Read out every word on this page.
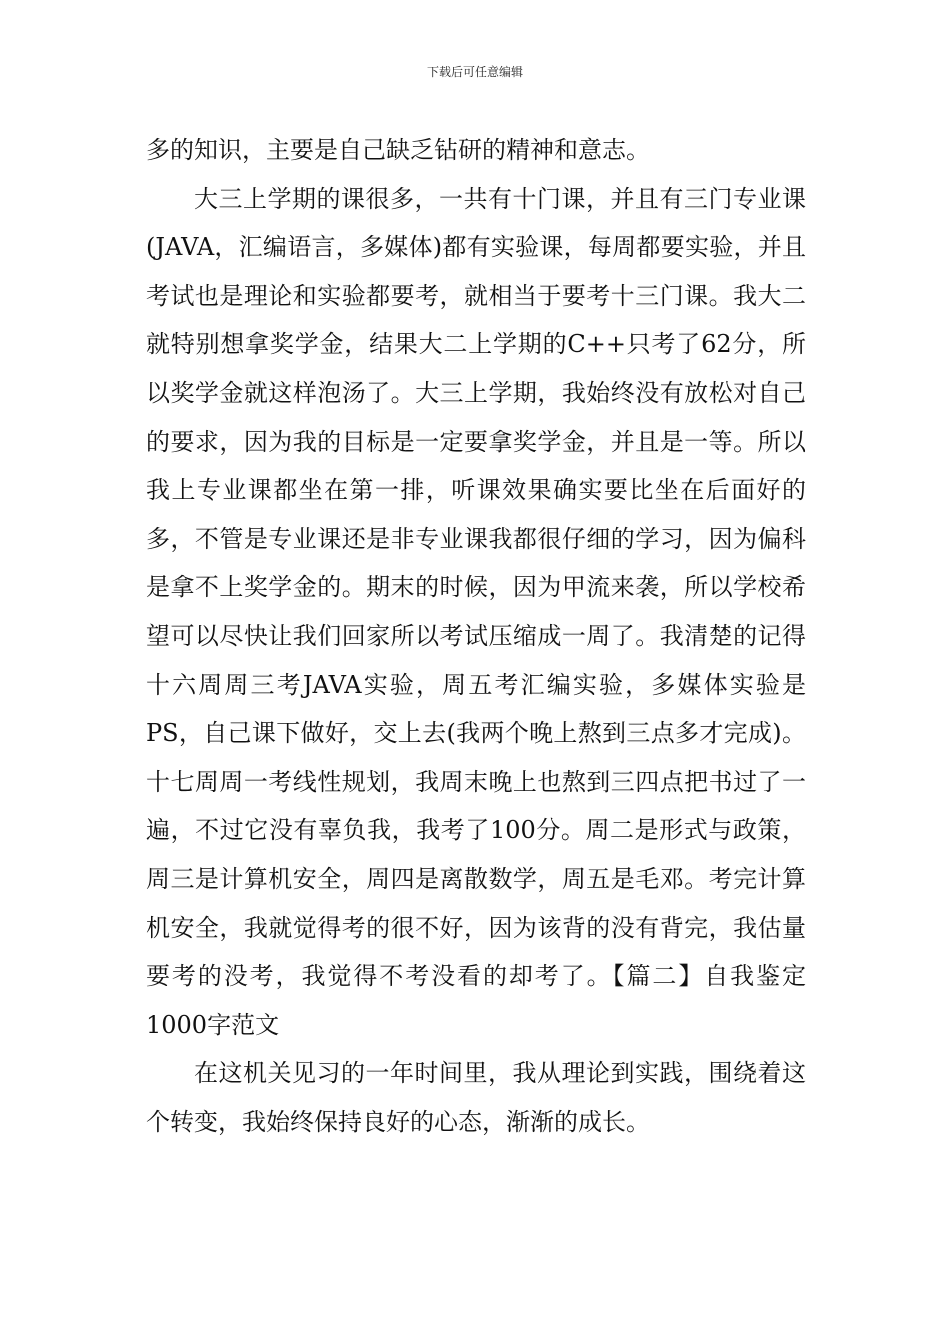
下载后可任意编辑

多的知识，主要是自己缺乏钻研的精神和意志。

大三上学期的课很多，一共有十门课，并且有三门专业课(JAVA，汇编语言，多媒体)都有实验课，每周都要实验，并且考试也是理论和实验都要考，就相当于要考十三门课。我大二就特别想拿奖学金，结果大二上学期的C++只考了62分，所以奖学金就这样泡汤了。大三上学期，我始终没有放松对自己的要求，因为我的目标是一定要拿奖学金，并且是一等。所以我上专业课都坐在第一排，听课效果确实要比坐在后面好的多，不管是专业课还是非专业课我都很仔细的学习，因为偏科是拿不上奖学金的。期末的时候，因为甲流来袭，所以学校希望可以尽快让我们回家所以考试压缩成一周了。我清楚的记得十六周周三考JAVA实验，周五考汇编实验，多媒体实验是PS，自己课下做好，交上去(我两个晚上熬到三点多才完成)。十七周周一考线性规划，我周末晚上也熬到三四点把书过了一遍，不过它没有辜负我，我考了100分。周二是形式与政策，周三是计算机安全，周四是离散数学，周五是毛邓。考完计算机安全，我就觉得考的很不好，因为该背的没有背完，我估量要考的没考，我觉得不考没看的却考了。【篇二】自我鉴定1000字范文

在这机关见习的一年时间里，我从理论到实践，围绕着这个转变，我始终保持良好的心态，渐渐的成长。
